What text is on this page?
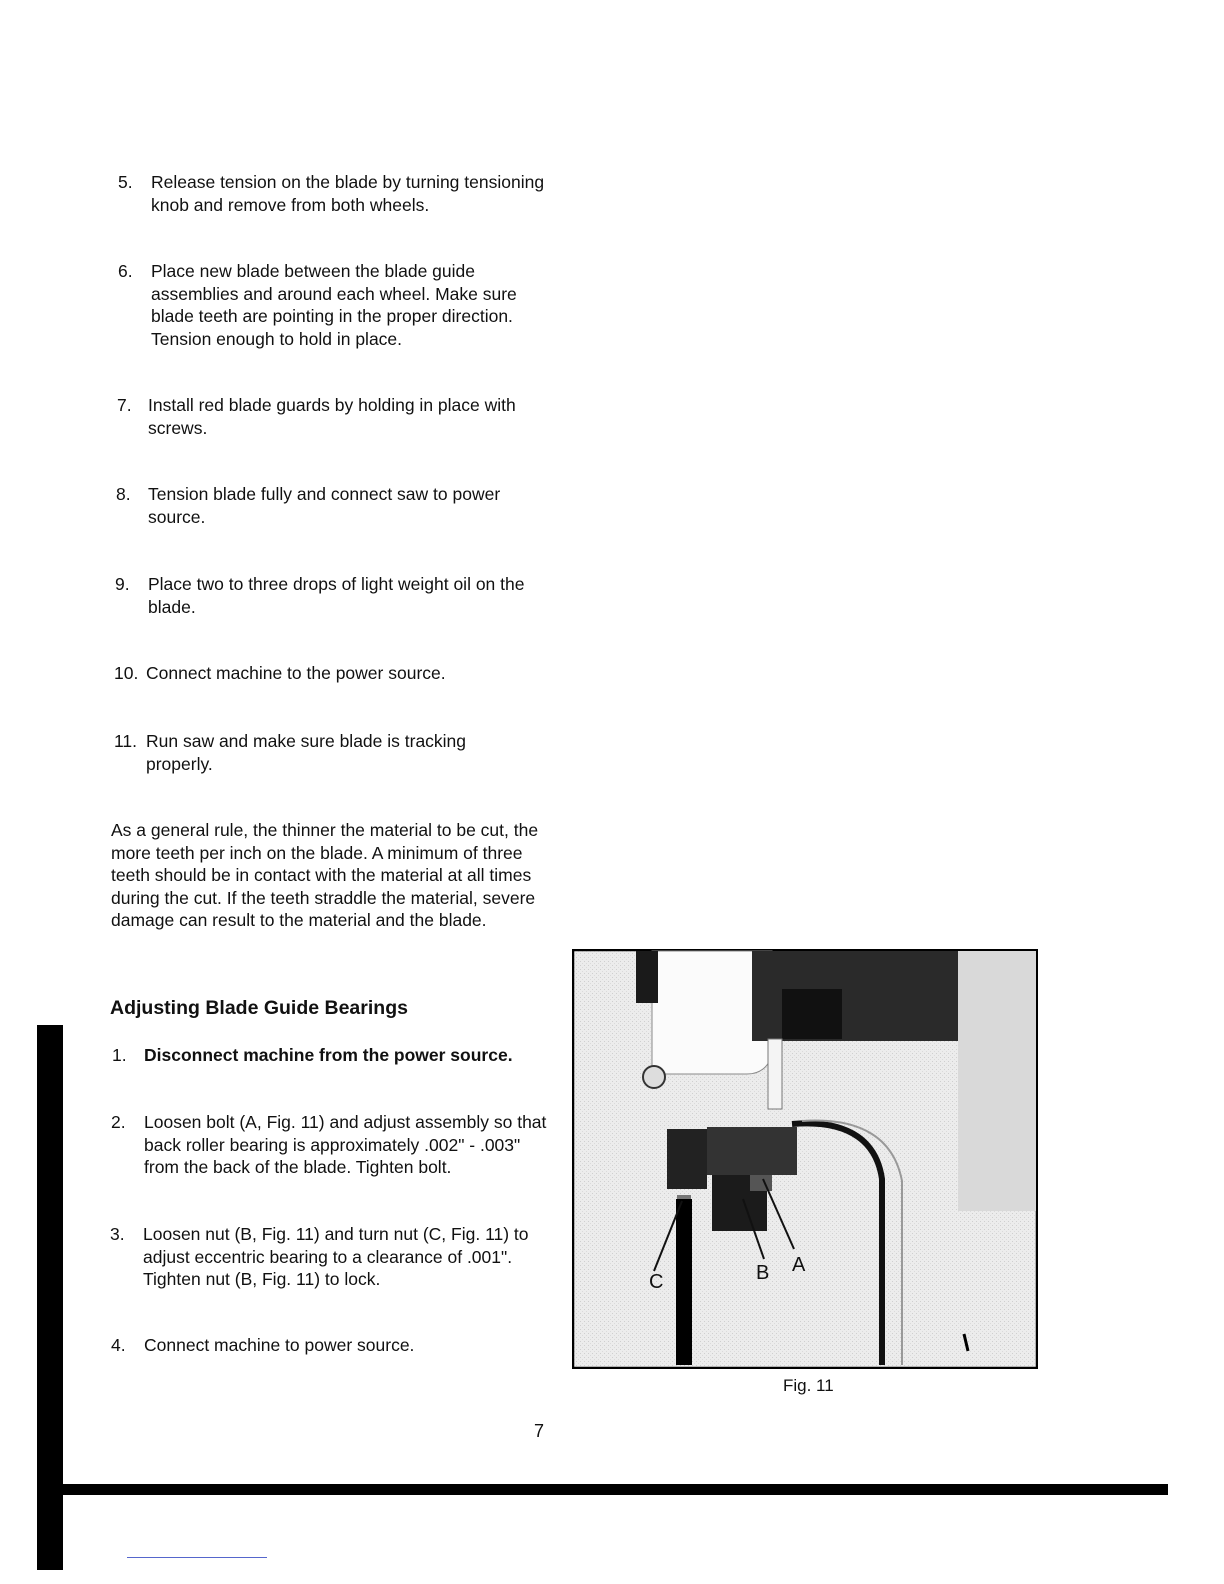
5. Release tension on the blade by turning tensioning knob and remove from both wheels.
6. Place new blade between the blade guide assemblies and around each wheel. Make sure blade teeth are pointing in the proper direction. Tension enough to hold in place.
7. Install red blade guards by holding in place with screws.
8. Tension blade fully and connect saw to power source.
9. Place two to three drops of light weight oil on the blade.
10. Connect machine to the power source.
11. Run saw and make sure blade is tracking properly.
As a general rule, the thinner the material to be cut, the more teeth per inch on the blade. A minimum of three teeth should be in contact with the material at all times during the cut. If the teeth straddle the material, severe damage can result to the material and the blade.
Adjusting Blade Guide Bearings
1. Disconnect machine from the power source.
2. Loosen bolt (A, Fig. 11) and adjust assembly so that back roller bearing is approximately .002" - .003" from the back of the blade. Tighten bolt.
3. Loosen nut (B, Fig. 11) and turn nut (C, Fig. 11) to adjust eccentric bearing to a clearance of .001". Tighten nut (B, Fig. 11) to lock.
4. Connect machine to power source.
C	B A
Fig. 11
7
